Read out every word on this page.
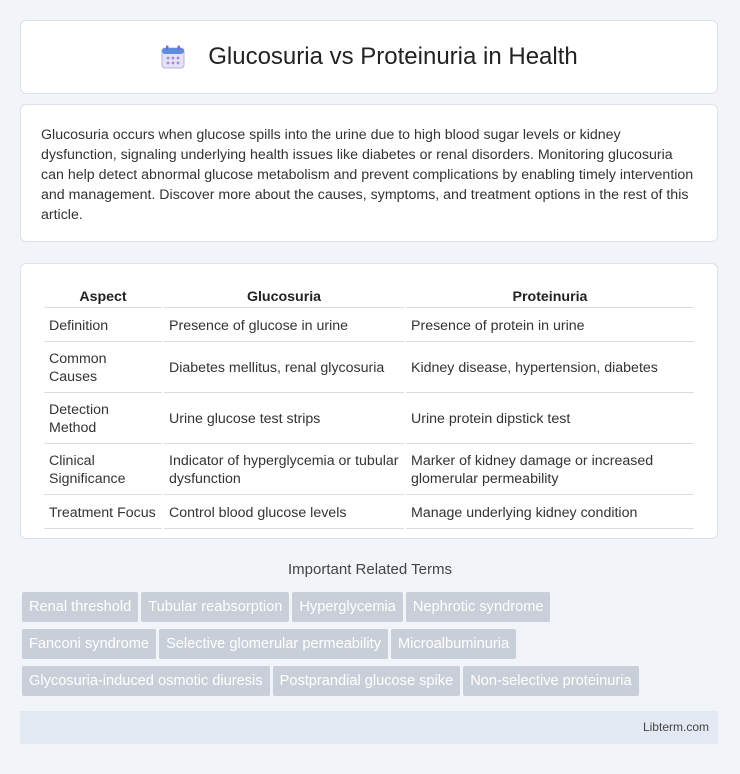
Glucosuria vs Proteinuria in Health

Glucosuria occurs when glucose spills into the urine due to high blood sugar levels or kidney dysfunction, signaling underlying health issues like diabetes or renal disorders. Monitoring glucosuria can help detect abnormal glucose metabolism and prevent complications by enabling timely intervention and management. Discover more about the causes, symptoms, and treatment options in the rest of this article.

Aspect	Glucosuria	Proteinuria
Definition	Presence of glucose in urine	Presence of protein in urine
Common Causes	Diabetes mellitus, renal glycosuria	Kidney disease, hypertension, diabetes
Detection Method	Urine glucose test strips	Urine protein dipstick test
Clinical Significance	Indicator of hyperglycemia or tubular dysfunction	Marker of kidney damage or increased glomerular permeability
Treatment Focus	Control blood glucose levels	Manage underlying kidney condition
Important Related Terms
Renal threshold Tubular reabsorption Hyperglycemia Nephrotic syndrome
Fanconi syndrome Selective glomerular permeability Microalbuminuria
Glycosuria-induced osmotic diuresis Postprandial glucose spike Non-selective proteinuria
Libterm.com
